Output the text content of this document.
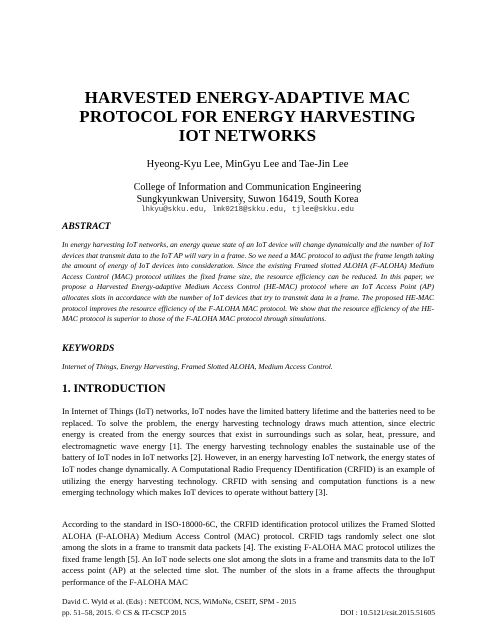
HARVESTED ENERGY-ADAPTIVE MAC
PROTOCOL FOR ENERGY HARVESTING
IOT NETWORKS
Hyeong-Kyu Lee, MinGyu Lee and Tae-Jin Lee
College of Information and Communication Engineering
Sungkyunkwan University, Suwon 16419, South Korea
lhkyu@skku.edu, lmk0218@skku.edu, tjlee@skku.edu
ABSTRACT
In energy harvesting IoT networks, an energy queue state of an IoT device will change dynamically and the number of IoT devices that transmit data to the IoT AP will vary in a frame. So we need a MAC protocol to adjust the frame length taking the amount of energy of IoT devices into consideration. Since the existing Framed slotted ALOHA (F-ALOHA) Medium Access Control (MAC) protocol utilizes the fixed frame size, the resource efficiency can be reduced. In this paper, we propose a Harvested Energy-adaptive Medium Access Control (HE-MAC) protocol where an IoT Access Point (AP) allocates slots in accordance with the number of IoT devices that try to transmit data in a frame. The proposed HE-MAC protocol improves the resource efficiency of the F-ALOHA MAC protocol. We show that the resource efficiency of the HE-MAC protocol is superior to those of the F-ALOHA MAC protocol through simulations.
KEYWORDS
Internet of Things, Energy Harvesting, Framed Slotted ALOHA, Medium Access Control.
1. INTRODUCTION
In Internet of Things (IoT) networks, IoT nodes have the limited battery lifetime and the batteries need to be replaced. To solve the problem, the energy harvesting technology draws much attention, since electric energy is created from the energy sources that exist in surroundings such as solar, heat, pressure, and electromagnetic wave energy [1]. The energy harvesting technology enables the sustainable use of the battery of IoT nodes in IoT networks [2]. However, in an energy harvesting IoT network, the energy states of IoT nodes change dynamically. A Computational Radio Frequency IDentification (CRFID) is an example of utilizing the energy harvesting technology. CRFID with sensing and computation functions is a new emerging technology which makes IoT devices to operate without battery [3].
According to the standard in ISO-18000-6C, the CRFID identification protocol utilizes the Framed Slotted ALOHA (F-ALOHA) Medium Access Control (MAC) protocol. CRFID tags randomly select one slot among the slots in a frame to transmit data packets [4]. The existing F-ALOHA MAC protocol utilizes the fixed frame length [5]. An IoT node selects one slot among the slots in a frame and transmits data to the IoT access point (AP) at the selected time slot. The number of the slots in a frame affects the throughput performance of the F-ALOHA MAC
David C. Wyld et al. (Eds) : NETCOM, NCS, WiMoNe, CSEIT, SPM - 2015
pp. 51–58, 2015. © CS & IT-CSCP 2015	DOI : 10.5121/csit.2015.51605
